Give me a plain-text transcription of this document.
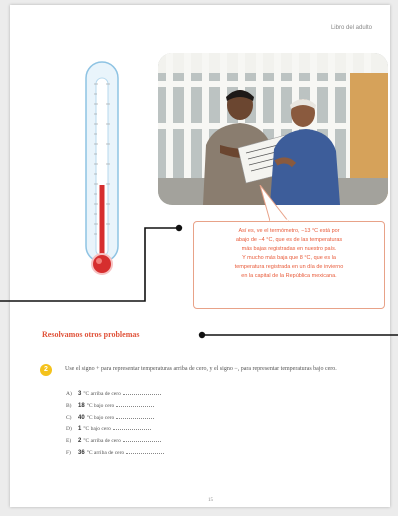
Libro del adulto
Así es, ve el termómetro, −13 °C está por
abajo de −4 °C, que es de las temperaturas
más bajas registradas en nuestro país.
Y mucho más baja que 8 °C, que es la
temperatura registrada en un día de invierno
en la capital de la República mexicana.
Resolvamos otros problemas
2	Use el signo + para representar temperaturas arriba de cero, y el signo −, para representar temperaturas bajo cero.
A)	3 °C arriba de cero
B)	18 °C bajo cero
C)	40 °C bajo cero
D)	1 °C bajo cero
E)	2 °C arriba de cero
F)	36 °C arriba de cero
15
